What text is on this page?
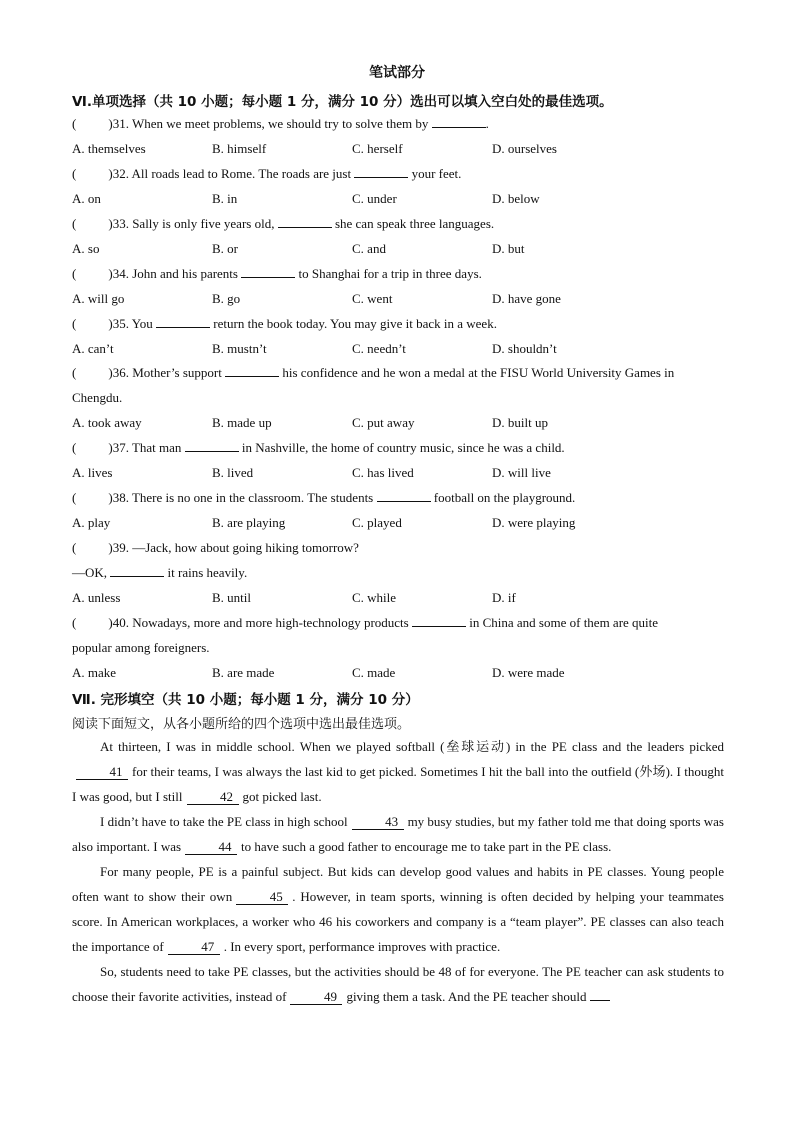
笔试部分
Ⅵ.单项选择（共 10 小题；每小题 1 分，满分 10 分）选出可以填入空白处的最佳选项。
( )31. When we meet problems, we should try to solve them by	.
A. themselves	B. himself	C. herself	D. ourselves
( )32. All roads lead to Rome. The roads are just	your feet.
A. on	B. in	C. under	D. below
( )33. Sally is only five years old,	she can speak three languages.
A. so	B. or	C. and	D. but
( )34. John and his parents	to Shanghai for a trip in three days.
A. will go	B. go	C. went	D. have gone
( )35. You	return the book today. You may give it back in a week.
A. can’t	B. mustn’t	C. needn’t	D. shouldn’t
( )36. Mother’s support	his confidence and he won a medal at the FISU World University Games in
Chengdu.
A. took away	B. made up	C. put away	D. built up
( )37. That man	in Nashville, the home of country music, since he was a child.
A. lives	B. lived	C. has lived	D. will live
( )38. There is no one in the classroom. The students	football on the playground.
A. play	B. are playing	C. played	D. were playing
( )39. —Jack, how about going hiking tomorrow?
—OK,	it rains heavily.
A. unless	B. until	C. while	D. if
( )40. Nowadays, more and more high-technology products	in China and some of them are quite
popular among foreigners.
A. make	B. are made	C. made	D. were made
Ⅶ. 完形填空（共 10 小题；每小题 1 分，满分 10 分）
阅读下面短文，从各小题所给的四个选项中选出最佳选项。

At thirteen, I was in middle school. When we played softball (垒球运动) in the PE class and the leaders picked41 for their teams, I was always the last kid to get picked. Sometimes I hit the ball into the outfield (外场). I thought I was good, but I still	42 got picked last.

I didn’t have to take the PE class in high school	43 my busy studies, but my father told me that doing sports was also important. I was	44 to have such a good father to encourage me to take part in the PE class.

For many people, PE is a painful subject. But kids can develop good values and habits in PE classes. Young people often want to show their own	45 . However, in team sports, winning is often decided by helping your teammates score. In American workplaces, a worker who 46 his coworkers and company is a “team player”. PE classes can also teach the importance of	47 . In every sport, performance improves with practice.

So, students need to take PE classes, but the activities should be 48 of for everyone. The PE teacher can ask students to choose their favorite activities, instead of	49 giving them a task. And the PE teacher should
